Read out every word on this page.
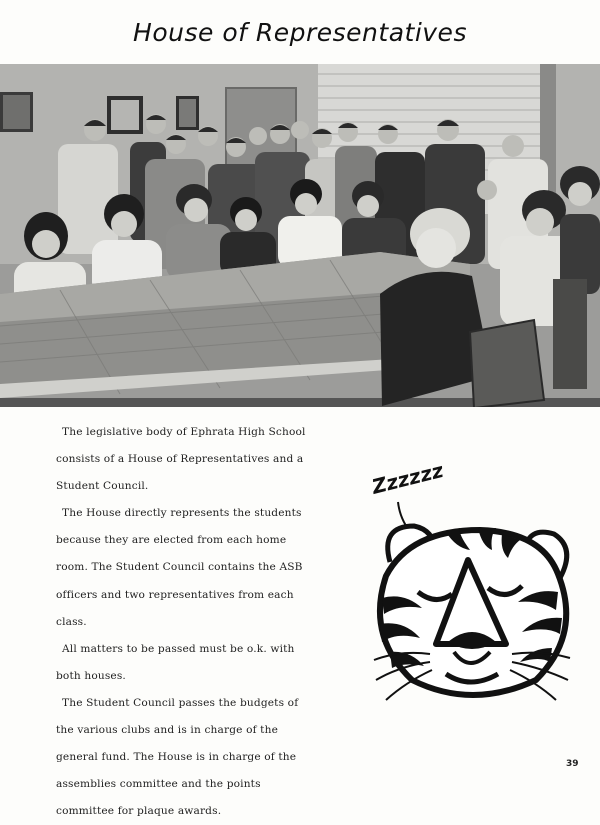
House of Representatives

The legislative body of Ephrata High School consists of a House of Representatives and a Student Council.

The House directly represents the students because they are elected from each home room. The Student Council contains the ASB officers and two representatives from each class.

All matters to be passed must be o.k. with both houses.

The Student Council passes the budgets of the various clubs and is in charge of the general fund. The House is in charge of the assemblies committee and the points committee for plaque awards.

Zzzzzz
39
